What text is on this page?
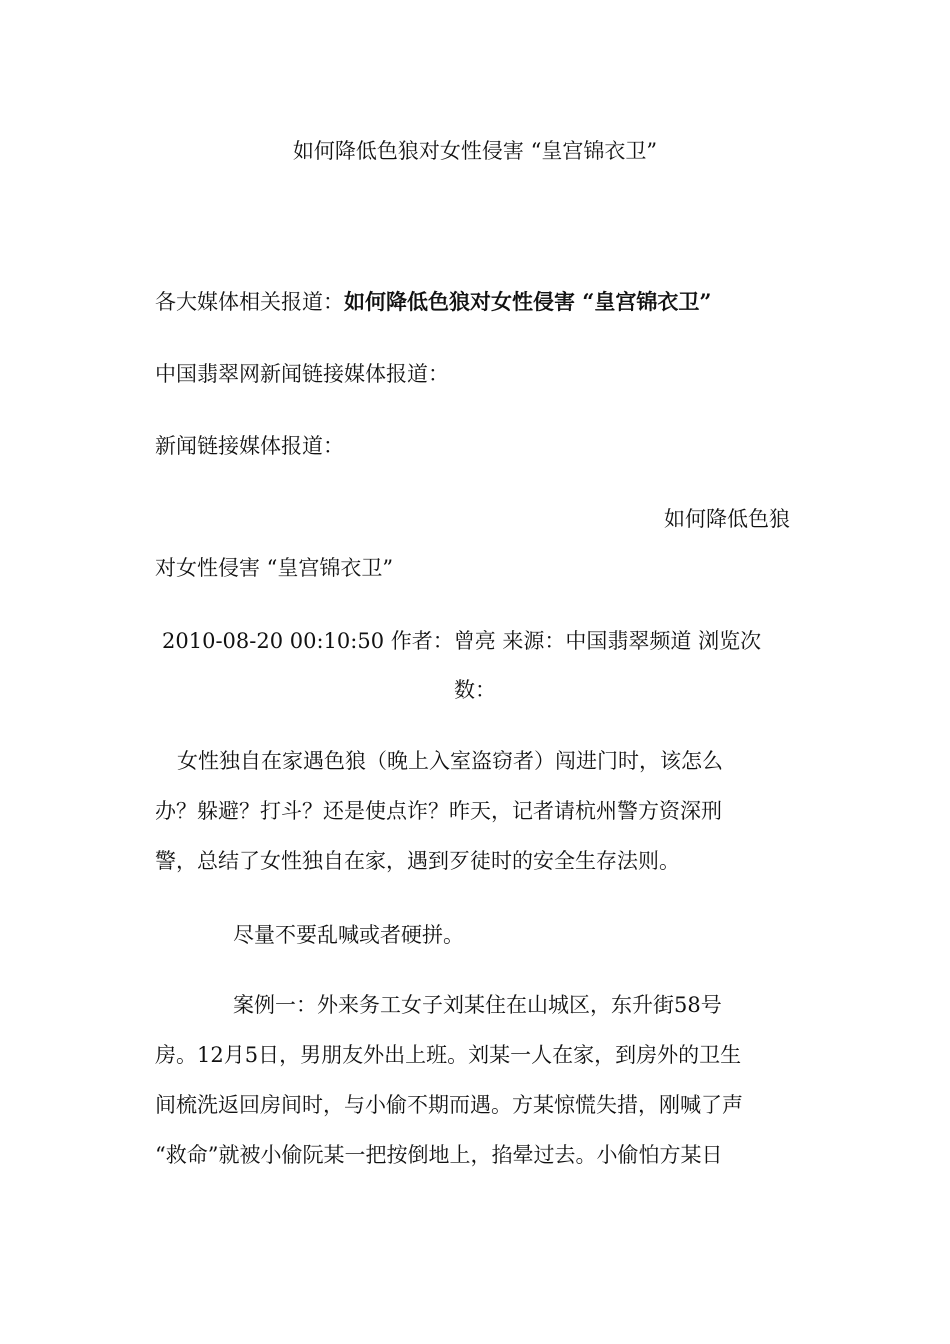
如何降低色狼对女性侵害 “皇宫锦衣卫”
各大媒体相关报道：如何降低色狼对女性侵害 “皇宫锦衣卫”
中国翡翠网新闻链接媒体报道：
新闻链接媒体报道：
如何降低色狼
对女性侵害 “皇宫锦衣卫”
2010-08-20 00:10:50 作者：曾亮 来源：中国翡翠频道 浏览次
数：
女性独自在家遇色狼（晚上入室盗窃者）闯进门时，该怎么
办？躲避？打斗？还是使点诈？昨天，记者请杭州警方资深刑
警，总结了女性独自在家，遇到歹徒时的安全生存法则。
尽量不要乱喊或者硬拼。
案例一：外来务工女子刘某住在山城区，东升街58号
房。12月5日，男朋友外出上班。刘某一人在家，到房外的卫生
间梳洗返回房间时，与小偷不期而遇。方某惊慌失措，刚喊了声
“救命”就被小偷阮某一把按倒地上，掐晕过去。小偷怕方某日
